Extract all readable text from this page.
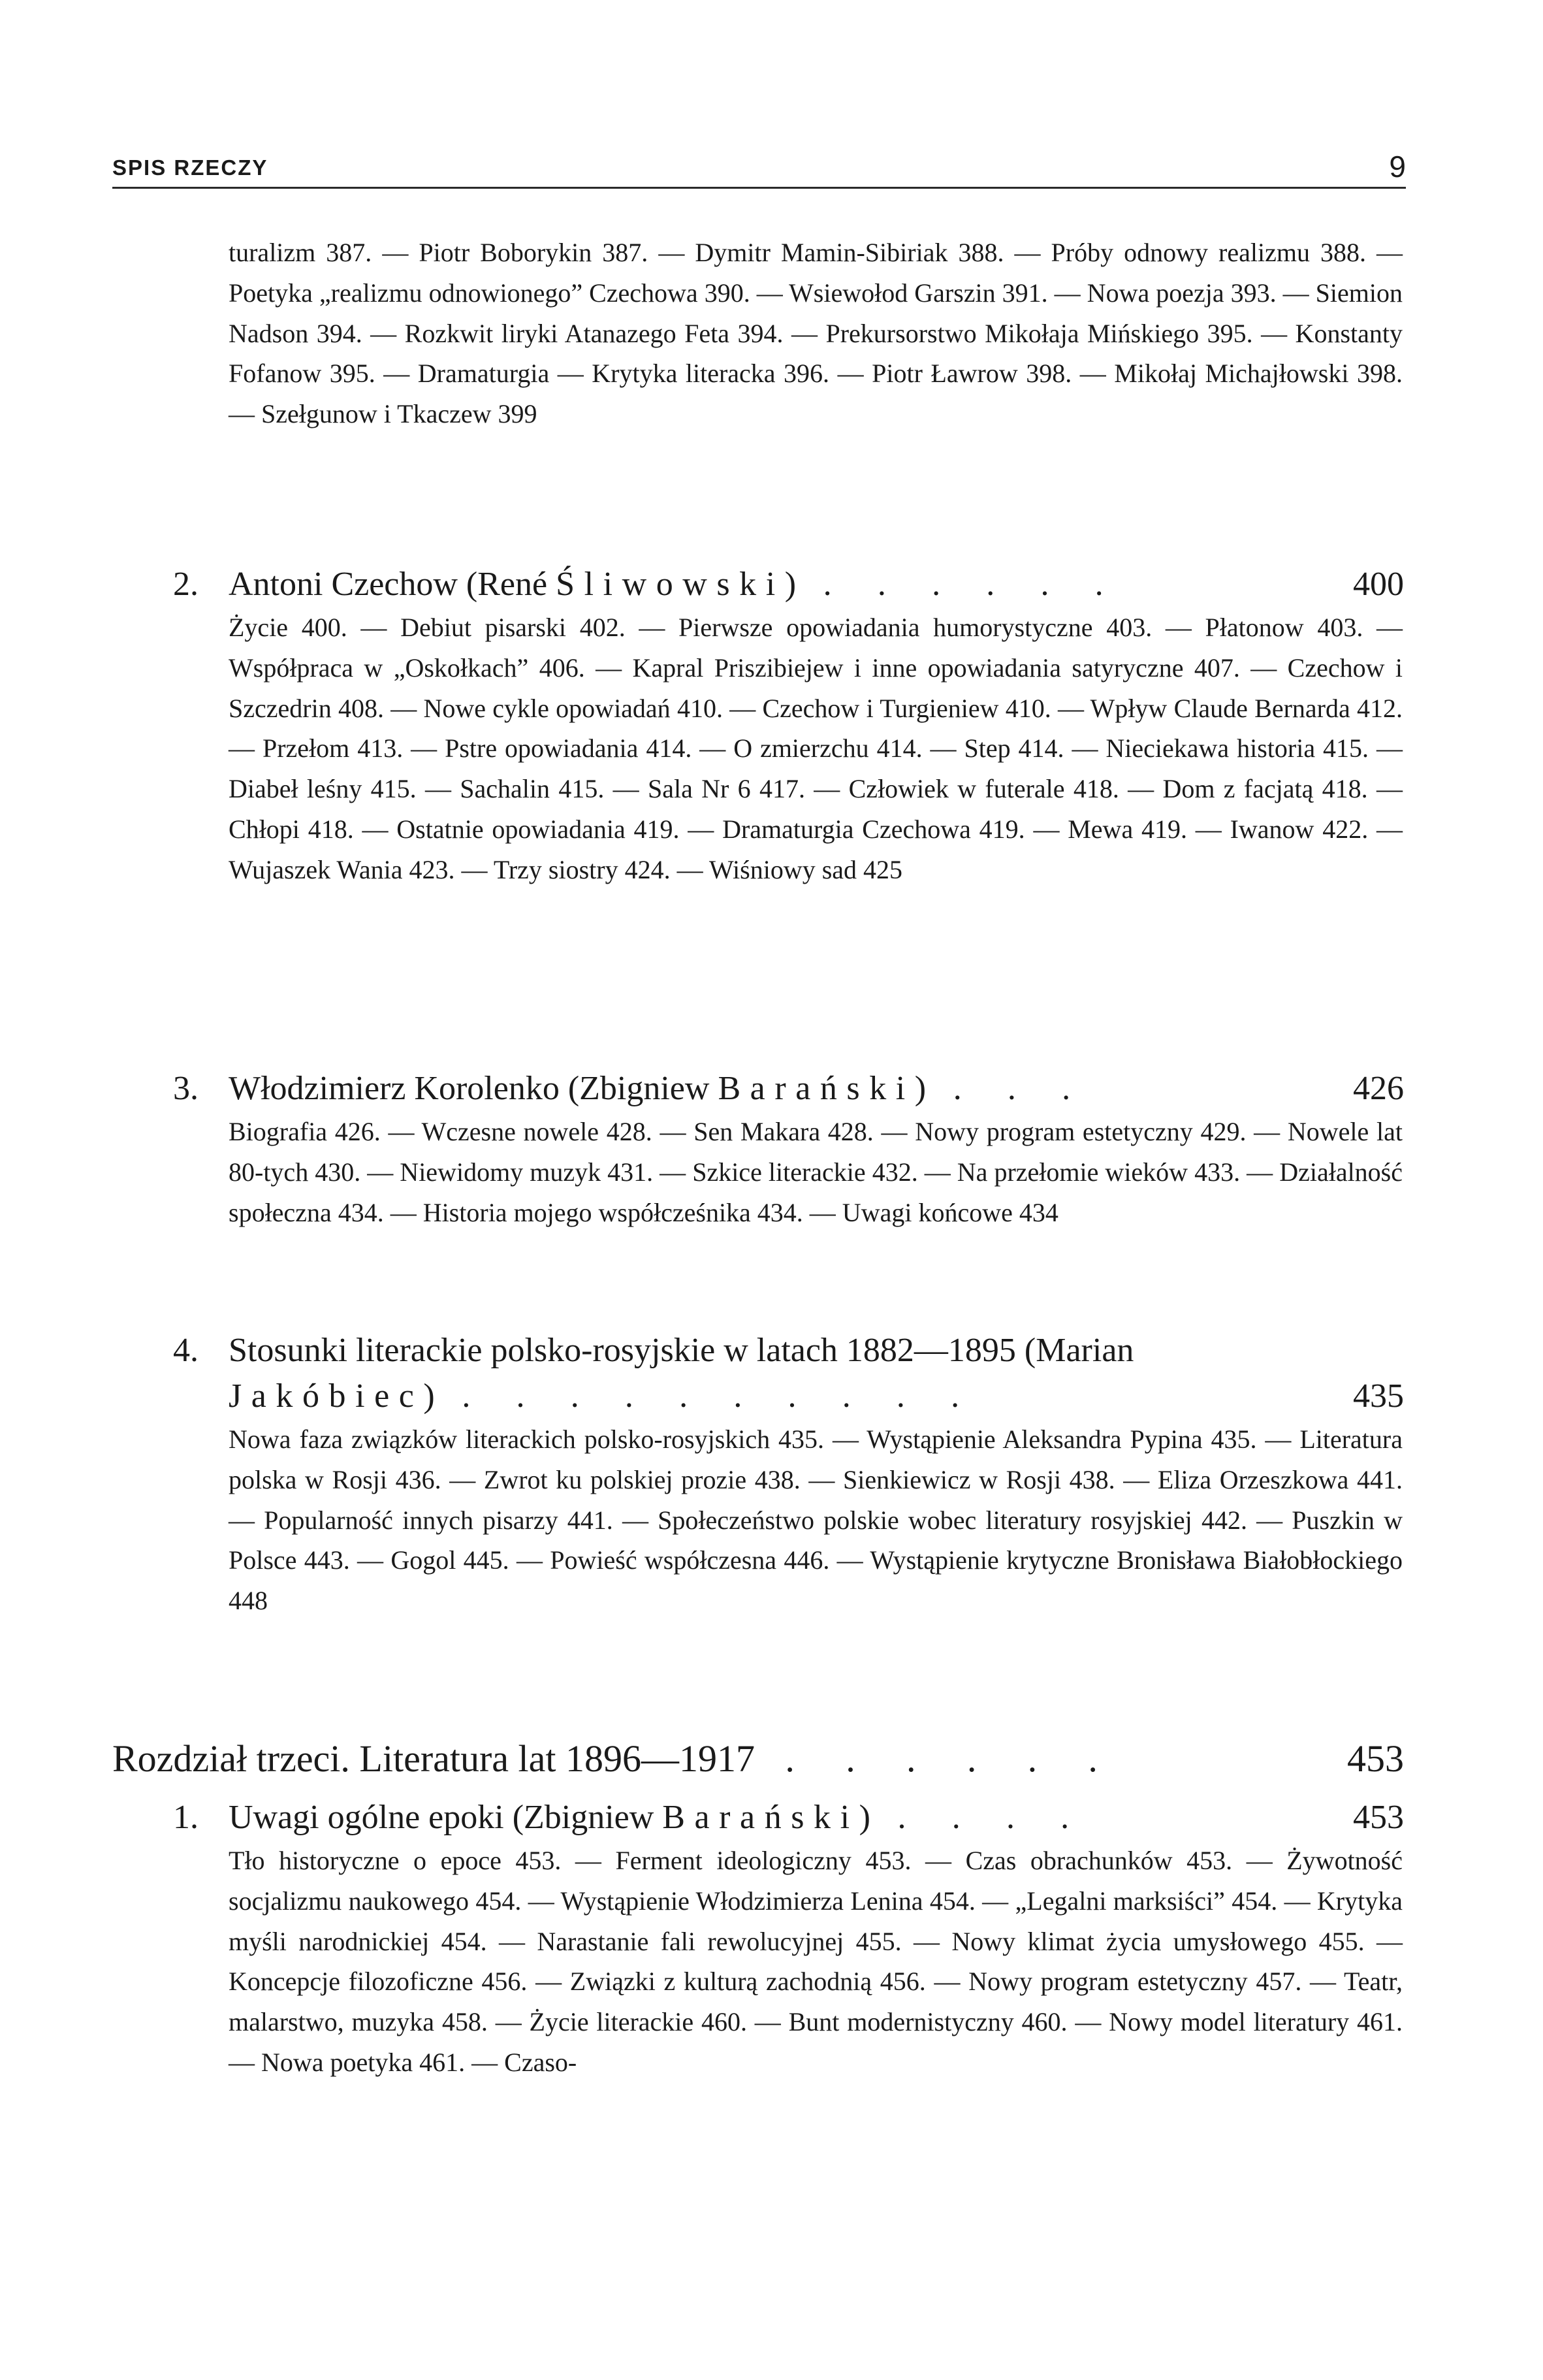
SPIS RZECZY	9
turalizm 387. — Piotr Boborykin 387. — Dymitr Mamin-Sibiriak 388. — Próby odnowy realizmu 388. — Poetyka „realizmu odnowionego” Czechowa 390. — Wsiewołod Garszin 391. — Nowa poezja 393. — Siemion Nadson 394. — Rozkwit liryki Atanazego Feta 394. — Prekursorstwo Mikołaja Mińskiego 395. — Konstanty Fofanow 395. — Dramaturgia — Krytyka literacka 396. — Piotr Ławrow 398. — Mikołaj Michajłowski 398. — Szełgunow i Tkaczew 399
2. Antoni Czechow (René Śliwowski) . . . . . .	400
Życie 400. — Debiut pisarski 402. — Pierwsze opowiadania humorystyczne 403. — Płatonow 403. — Współpraca w „Oskołkach” 406. — Kapral Priszibiejew i inne opowiadania satyryczne 407. — Czechow i Szczedrin 408. — Nowe cykle opowiadań 410. — Czechow i Turgieniew 410. — Wpływ Claude Bernarda 412. — Przełom 413. — Pstre opowiadania 414. — O zmierzchu 414. — Step 414. — Nieciekawa historia 415. — Diabeł leśny 415. — Sachalin 415. — Sala Nr 6 417. — Człowiek w futerale 418. — Dom z facjatą 418. — Chłopi 418. — Ostatnie opowiadania 419. — Dramaturgia Czechowa 419. — Mewa 419. — Iwanow 422. — Wujaszek Wania 423. — Trzy siostry 424. — Wiśniowy sad 425
3. Włodzimierz Korolenko (Zbigniew Barański) . . .	426
Biografia 426. — Wczesne nowele 428. — Sen Makara 428. — Nowy program estetyczny 429. — Nowele lat 80-tych 430. — Niewidomy muzyk 431. — Szkice literackie 432. — Na przełomie wieków 433. — Działalność społeczna 434. — Historia mojego współcześnika 434. — Uwagi końcowe 434
4. Stosunki literackie polsko-rosyjskie w latach 1882—1895 (Marian Jakóbiec) . . . . . . . . . .	435
Nowa faza związków literackich polsko-rosyjskich 435. — Wystąpienie Aleksandra Pypina 435. — Literatura polska w Rosji 436. — Zwrot ku polskiej prozie 438. — Sienkiewicz w Rosji 438. — Eliza Orzeszkowa 441. — Popularność innych pisarzy 441. — Społeczeństwo polskie wobec literatury rosyjskiej 442. — Puszkin w Polsce 443. — Gogol 445. — Powieść współczesna 446. — Wystąpienie krytyczne Bronisława Białobłockiego 448
Rozdział trzeci. Literatura lat 1896—1917 . . . . . .	453
1. Uwagi ogólne epoki (Zbigniew Barański) . . . .	453
Tło historyczne o epoce 453. — Ferment ideologiczny 453. — Czas obrachunków 453. — Żywotność socjalizmu naukowego 454. — Wystąpienie Włodzimierza Lenina 454. — „Legalni marksiści” 454. — Krytyka myśli narodnickiej 454. — Narastanie fali rewolucyjnej 455. — Nowy klimat życia umysłowego 455. — Koncepcje filozoficzne 456. — Związki z kulturą zachodnią 456. — Nowy program estetyczny 457. — Teatr, malarstwo, muzyka 458. — Życie literackie 460. — Bunt modernistyczny 460. — Nowy model literatury 461. — Nowa poetyka 461. — Czaso-
